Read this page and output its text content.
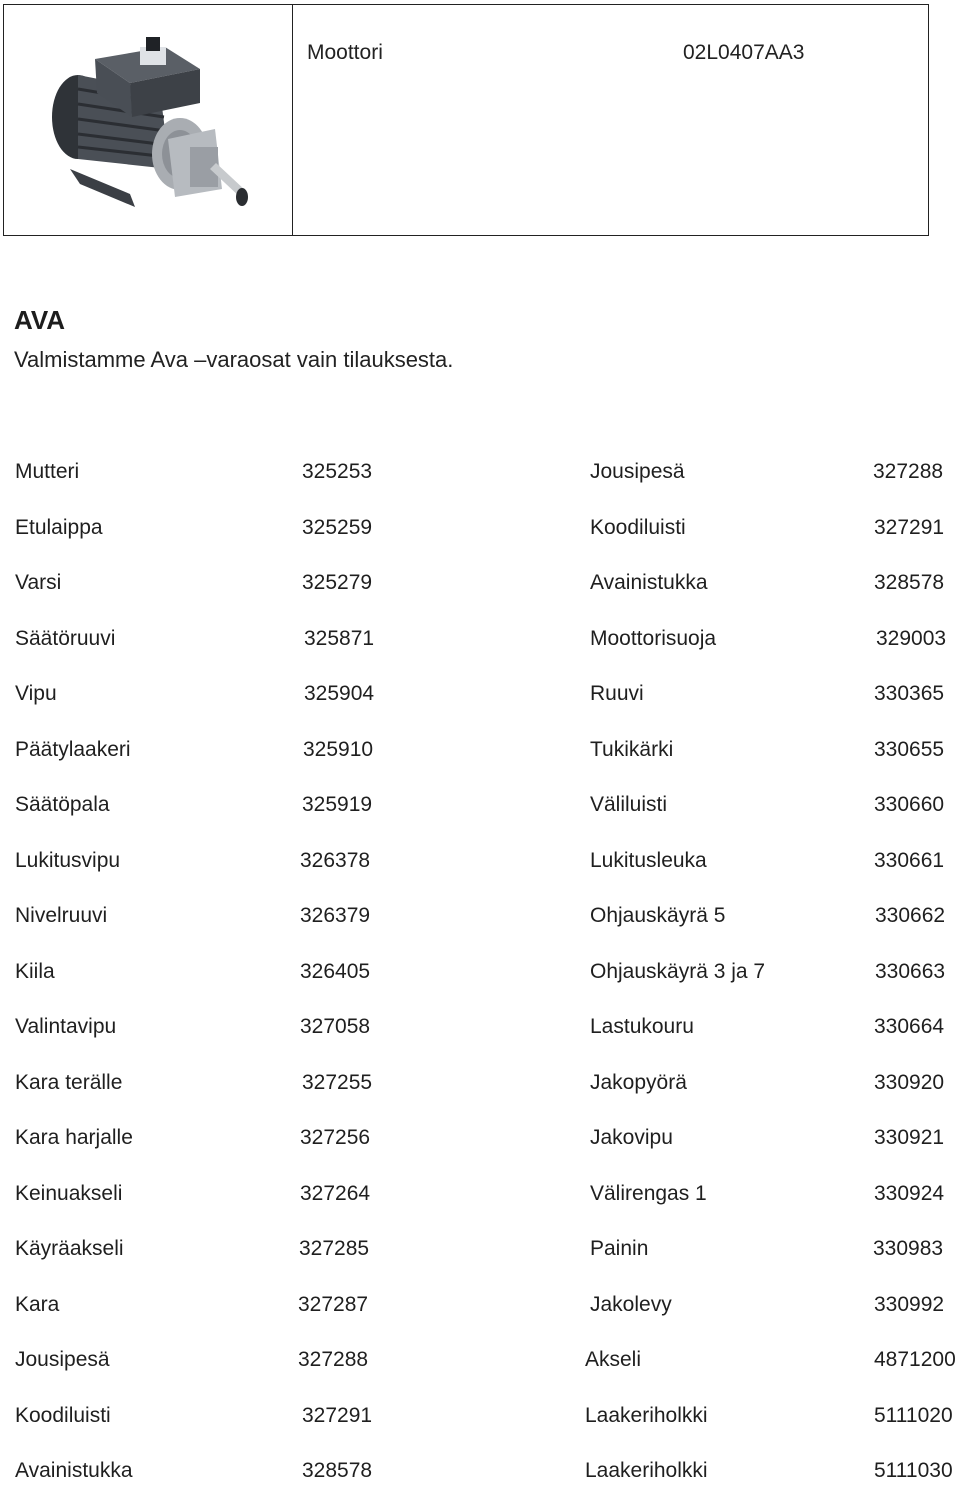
Moottori	02L0407AA3
AVA
Valmistamme Ava –varaosat vain tilauksesta.
Mutteri	325253	Jousipesä	327288
Etulaippa	325259	Koodiluisti	327291
Varsi	325279	Avainistukka	328578
Säätöruuvi	325871	Moottorisuoja	329003
Vipu	325904	Ruuvi	330365
Päätylaakeri	325910	Tukikärki	330655
Säätöpala	325919	Väliluisti	330660
Lukitusvipu	326378	Lukitusleuka	330661
Nivelruuvi	326379	Ohjauskäyrä 5	330662
Kiila	326405	Ohjauskäyrä 3 ja 7	330663
Valintavipu	327058	Lastukouru	330664
Kara terälle	327255	Jakopyörä	330920
Kara harjalle	327256	Jakovipu	330921
Keinuakseli	327264	Välirengas 1	330924
Käyräakseli	327285	Painin	330983
Kara	327287	Jakolevy	330992
Jousipesä	327288	Akseli	4871200
Koodiluisti	327291	Laakeriholkki	5111020
Avainistukka	328578	Laakeriholkki	5111030
